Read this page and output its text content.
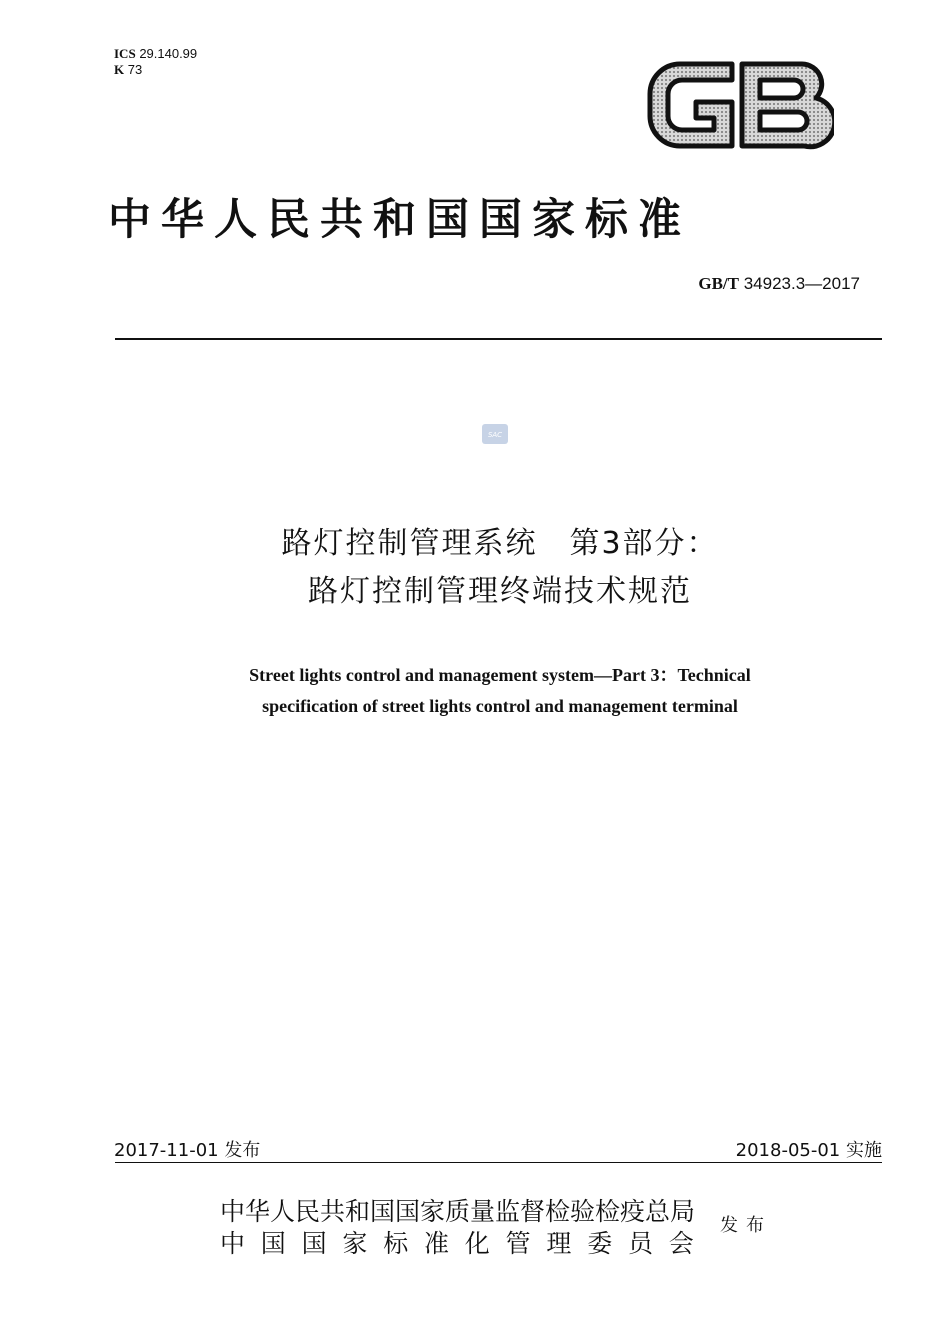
ICS 29.140.99
K 73
中华人民共和国国家标准
GB/T 34923.3—2017
SAC
路灯控制管理系统　第3部分：
路灯控制管理终端技术规范
Street lights control and management system—Part 3：Technical
specification of street lights control and management terminal
2017-11-01 发布	2018-05-01 实施
中华人民共和国国家质量监督检验检疫总局
中国国家标准化管理委员会
发布
